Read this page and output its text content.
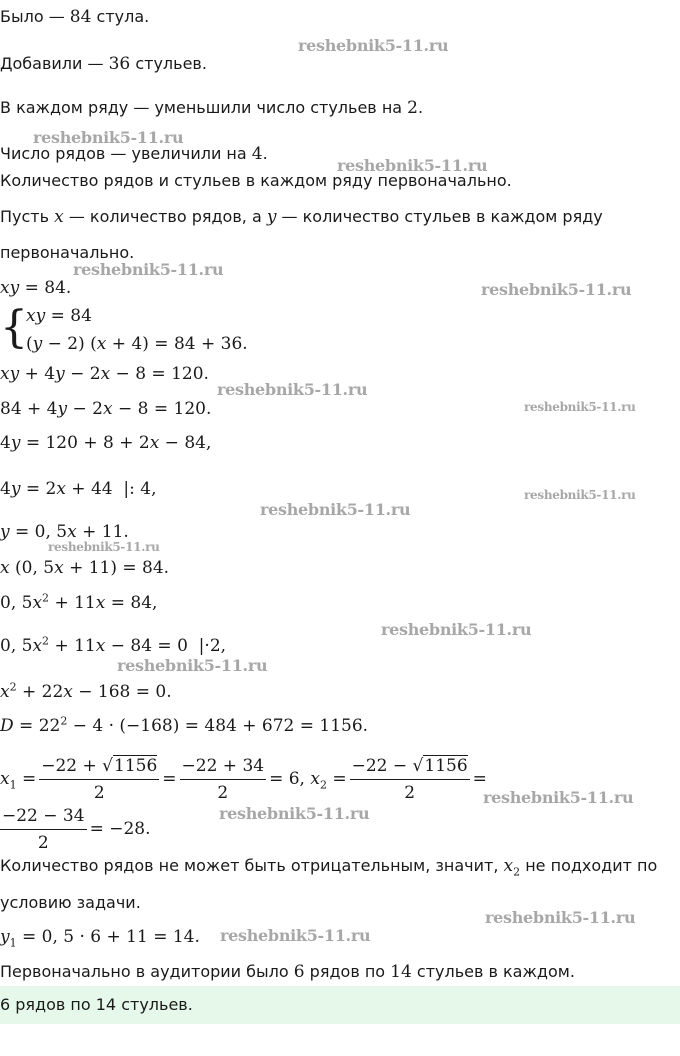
Было — 84 стула.
Добавили — 36 стульев.
В каждом ряду — уменьшили число стульев на 2.
Число рядов — увеличили на 4.
Количество рядов и стульев в каждом ряду первоначально.
Пусть x — количество рядов, а y — количество стульев в каждом ряду
первоначально.
xy = 84.
{
xy = 84
(y − 2) (x + 4) = 84 + 36.
xy + 4y − 2x − 8 = 120.
84 + 4y − 2x − 8 = 120.
4y = 120 + 8 + 2x − 84,
4y = 2x + 44  |: 4,
y = 0, 5x + 11.
x (0, 5x + 11) = 84.
0, $5x^2 + 11x = 84$,
0, $5x^2 + 11x - 84 = 0$  |·2,
$x^2 + 22x - 168 = 0$.
$D = 22^2 - 4 \cdot (-168) = 484 + 672 = 1156$.
$x_1 = \frac{-22 + √1156}{2} = \frac{-22 + 34}{2} = 6$, $x_2 = \frac{-22 - √1156}{2}$ =
$\frac{-22 - 34}{2} = -28$.
Количество рядов не может быть отрицательным, значит, $x_2$ не подходит по
условию задачи.
$y_1 = 0$, 5 · 6 + 11 = 14.
Первоначально в аудитории было 6 рядов по 14 стульев в каждом.
6 рядов по 14 стульев.
reshebnik5-11.ru
reshebnik5-11.ru
reshebnik5-11.ru
reshebnik5-11.ru
reshebnik5-11.ru
reshebnik5-11.ru
reshebnik5-11.ru
reshebnik5-11.ru
reshebnik5-11.ru
reshebnik5-11.ru
reshebnik5-11.ru
reshebnik5-11.ru
reshebnik5-11.ru
reshebnik5-11.ru
reshebnik5-11.ru
reshebnik5-11.ru
